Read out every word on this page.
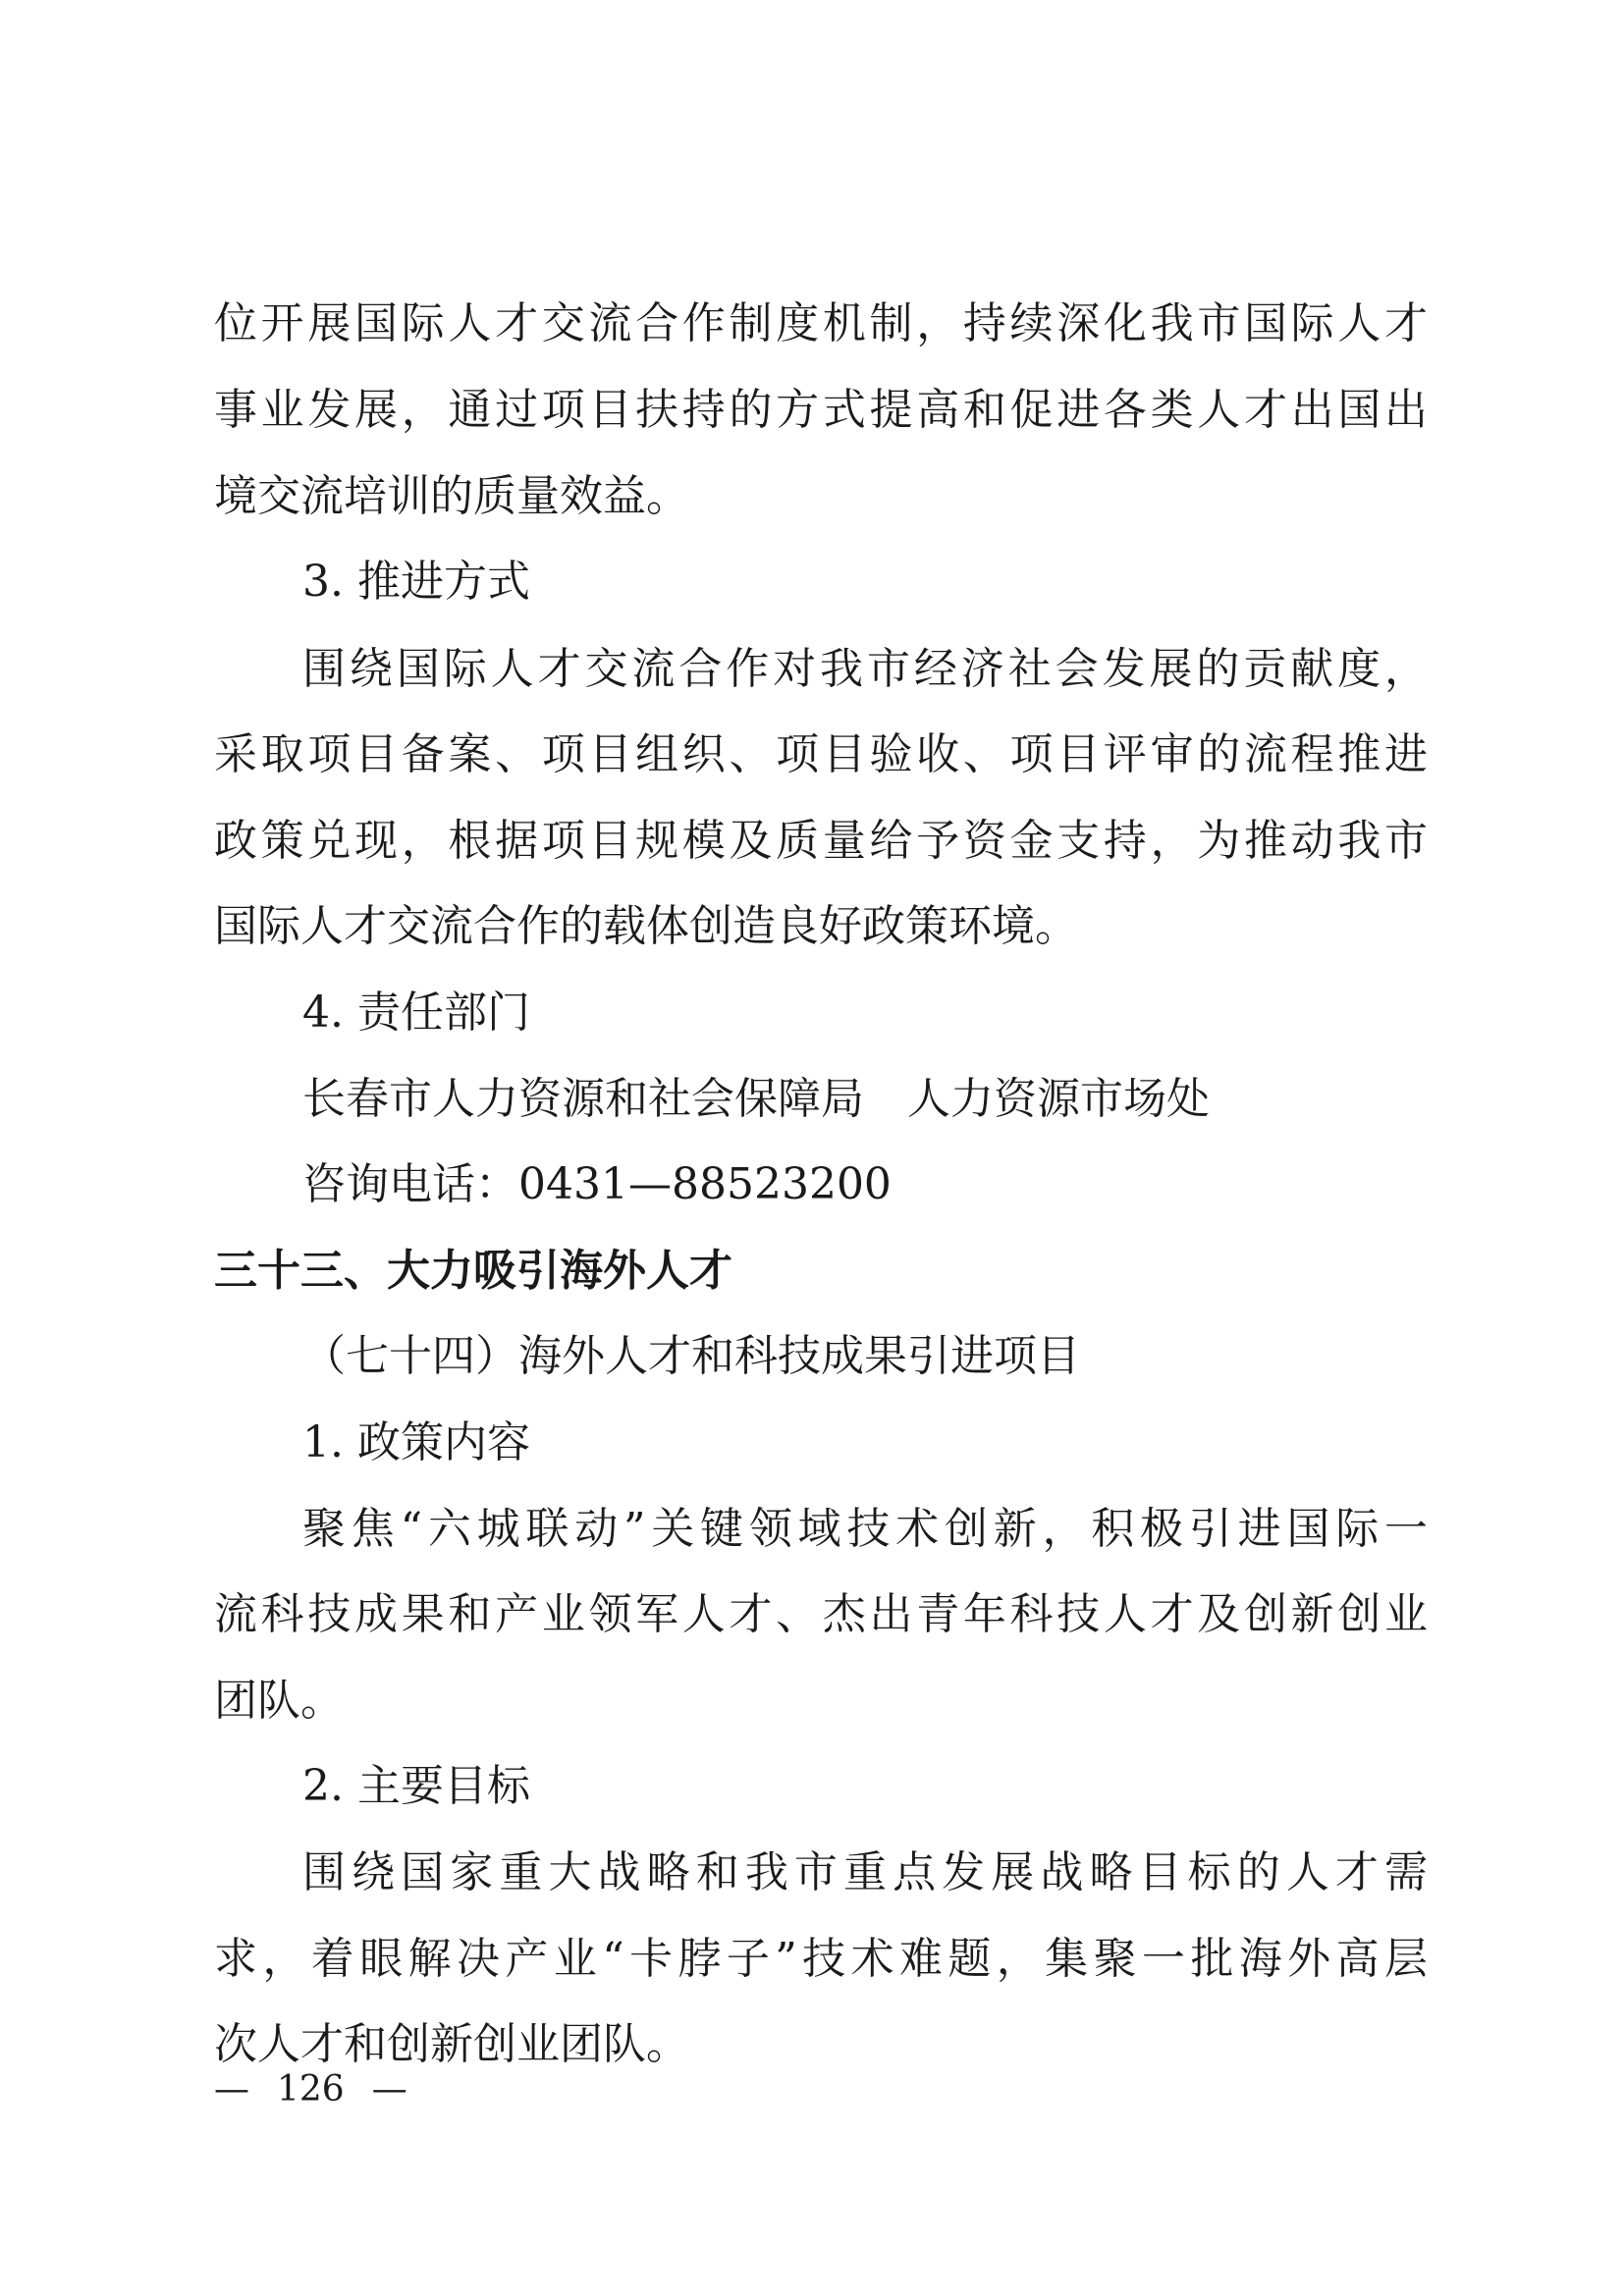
位开展国际人才交流合作制度机制，持续深化我市国际人才
事业发展，通过项目扶持的方式提高和促进各类人才出国出
境交流培训的质量效益。
3. 推进方式
围绕国际人才交流合作对我市经济社会发展的贡献度，
采取项目备案、项目组织、项目验收、项目评审的流程推进
政策兑现，根据项目规模及质量给予资金支持，为推动我市
国际人才交流合作的载体创造良好政策环境。
4. 责任部门
长春市人力资源和社会保障局　人力资源市场处
咨询电话：0431—88523200
三十三、大力吸引海外人才
（七十四）海外人才和科技成果引进项目
1. 政策内容
聚焦“六城联动”关键领域技术创新，积极引进国际一
流科技成果和产业领军人才、杰出青年科技人才及创新创业
团队。
2. 主要目标
围绕国家重大战略和我市重点发展战略目标的人才需
求，着眼解决产业“卡脖子”技术难题，集聚一批海外高层
次人才和创新创业团队。
— 126 —
